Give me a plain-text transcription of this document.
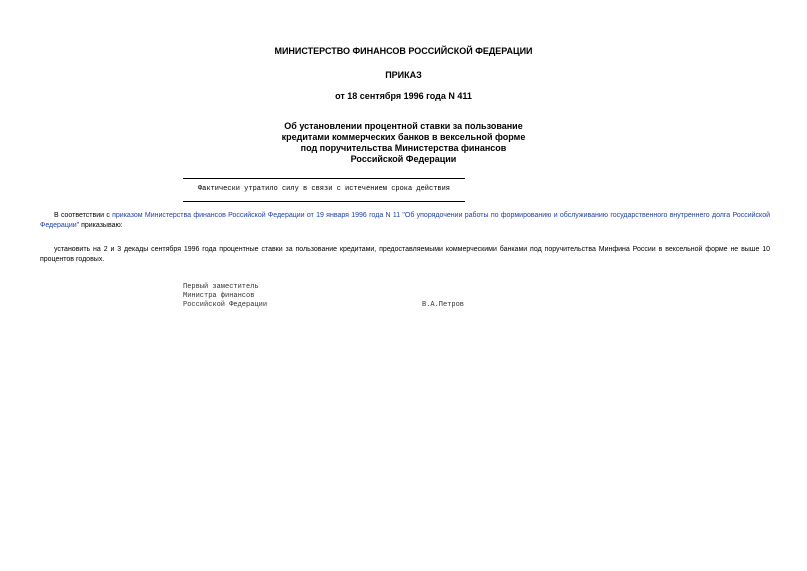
МИНИСТЕРСТВО ФИНАНСОВ РОССИЙСКОЙ ФЕДЕРАЦИИ
ПРИКАЗ
от 18 сентября 1996 года N 411
Об установлении процентной ставки за пользование
кредитами коммерческих банков в вексельной форме
под поручительства Министерства финансов
Российской Федерации
Фактически утратило силу в связи с истечением срока действия
В соответствии с приказом Министерства финансов Российской Федерации от 19 января 1996 года N 11 "Об упорядочении работы по формированию и обслуживанию государственного внутреннего долга Российской Федерации" приказываю:
установить на 2 и 3 декады сентября 1996 года процентные ставки за пользование кредитами, предоставляемыми коммерческими банками под поручительства Минфина России в вексельной форме не выше 10 процентов годовых.
Первый заместитель
Министра финансов
Российской Федерации	В.А.Петров
